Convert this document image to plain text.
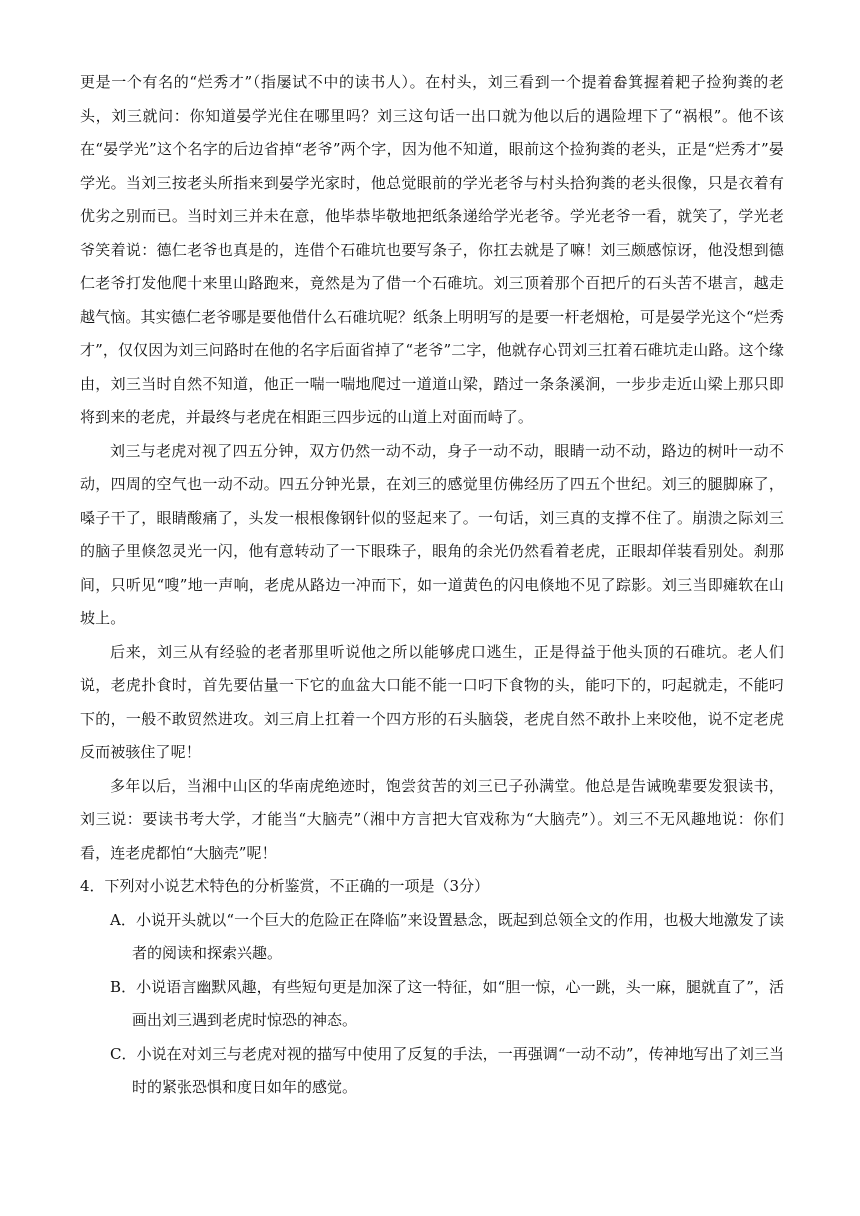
更是一个有名的“烂秀才”（指屡试不中的读书人）。在村头，刘三看到一个提着畚箕握着耙子捡狗粪的老头，刘三就问：你知道晏学光住在哪里吗？刘三这句话一出口就为他以后的遇险埋下了“祸根”。他不该在“晏学光”这个名字的后边省掉“老爷”两个字，因为他不知道，眼前这个捡狗粪的老头，正是“烂秀才”晏学光。当刘三按老头所指来到晏学光家时，他总觉眼前的学光老爷与村头拾狗粪的老头很像，只是衣着有优劣之别而已。当时刘三并未在意，他毕恭毕敬地把纸条递给学光老爷。学光老爷一看，就笑了，学光老爷笑着说：德仁老爷也真是的，连借个石碓坑也要写条子，你扛去就是了嘛！刘三颇感惊讶，他没想到德仁老爷打发他爬十来里山路跑来，竟然是为了借一个石碓坑。刘三顶着那个百把斤的石头苦不堪言，越走越气恼。其实德仁老爷哪是要他借什么石碓坑呢？纸条上明明写的是要一杆老烟枪，可是晏学光这个“烂秀才”，仅仅因为刘三问路时在他的名字后面省掉了“老爷”二字，他就存心罚刘三扛着石碓坑走山路。这个缘由，刘三当时自然不知道，他正一喘一喘地爬过一道道山梁，踏过一条条溪涧，一步步走近山梁上那只即将到来的老虎，并最终与老虎在相距三四步远的山道上对面而峙了。

刘三与老虎对视了四五分钟，双方仍然一动不动，身子一动不动，眼睛一动不动，路边的树叶一动不动，四周的空气也一动不动。四五分钟光景，在刘三的感觉里仿佛经历了四五个世纪。刘三的腿脚麻了，嗓子干了，眼睛酸痛了，头发一根根像钢针似的竖起来了。一句话，刘三真的支撑不住了。崩溃之际刘三的脑子里倏忽灵光一闪，他有意转动了一下眼珠子，眼角的余光仍然看着老虎，正眼却佯装看别处。刹那间，只听见“嗖”地一声响，老虎从路边一冲而下，如一道黄色的闪电倏地不见了踪影。刘三当即瘫软在山坡上。

后来，刘三从有经验的老者那里听说他之所以能够虎口逃生，正是得益于他头顶的石碓坑。老人们说，老虎扑食时，首先要估量一下它的血盆大口能不能一口叼下食物的头，能叼下的，叼起就走，不能叼下的，一般不敢贸然进攻。刘三肩上扛着一个四方形的石头脑袋，老虎自然不敢扑上来咬他，说不定老虎反而被骇住了呢！

多年以后，当湘中山区的华南虎绝迹时，饱尝贫苦的刘三已子孙满堂。他总是告诫晚辈要发狠读书，刘三说：要读书考大学，才能当“大脑壳”（湘中方言把大官戏称为“大脑壳”）。刘三不无风趣地说：你们看，连老虎都怕“大脑壳”呢！

4．下列对小说艺术特色的分析鉴赏，不正确的一项是（3分）

A．小说开头就以“一个巨大的危险正在降临”来设置悬念，既起到总领全文的作用，也极大地激发了读者的阅读和探索兴趣。

B．小说语言幽默风趣，有些短句更是加深了这一特征，如“胆一惊，心一跳，头一麻，腿就直了”，活画出刘三遇到老虎时惊恐的神态。

C．小说在对刘三与老虎对视的描写中使用了反复的手法，一再强调“一动不动”，传神地写出了刘三当时的紧张恐惧和度日如年的感觉。
